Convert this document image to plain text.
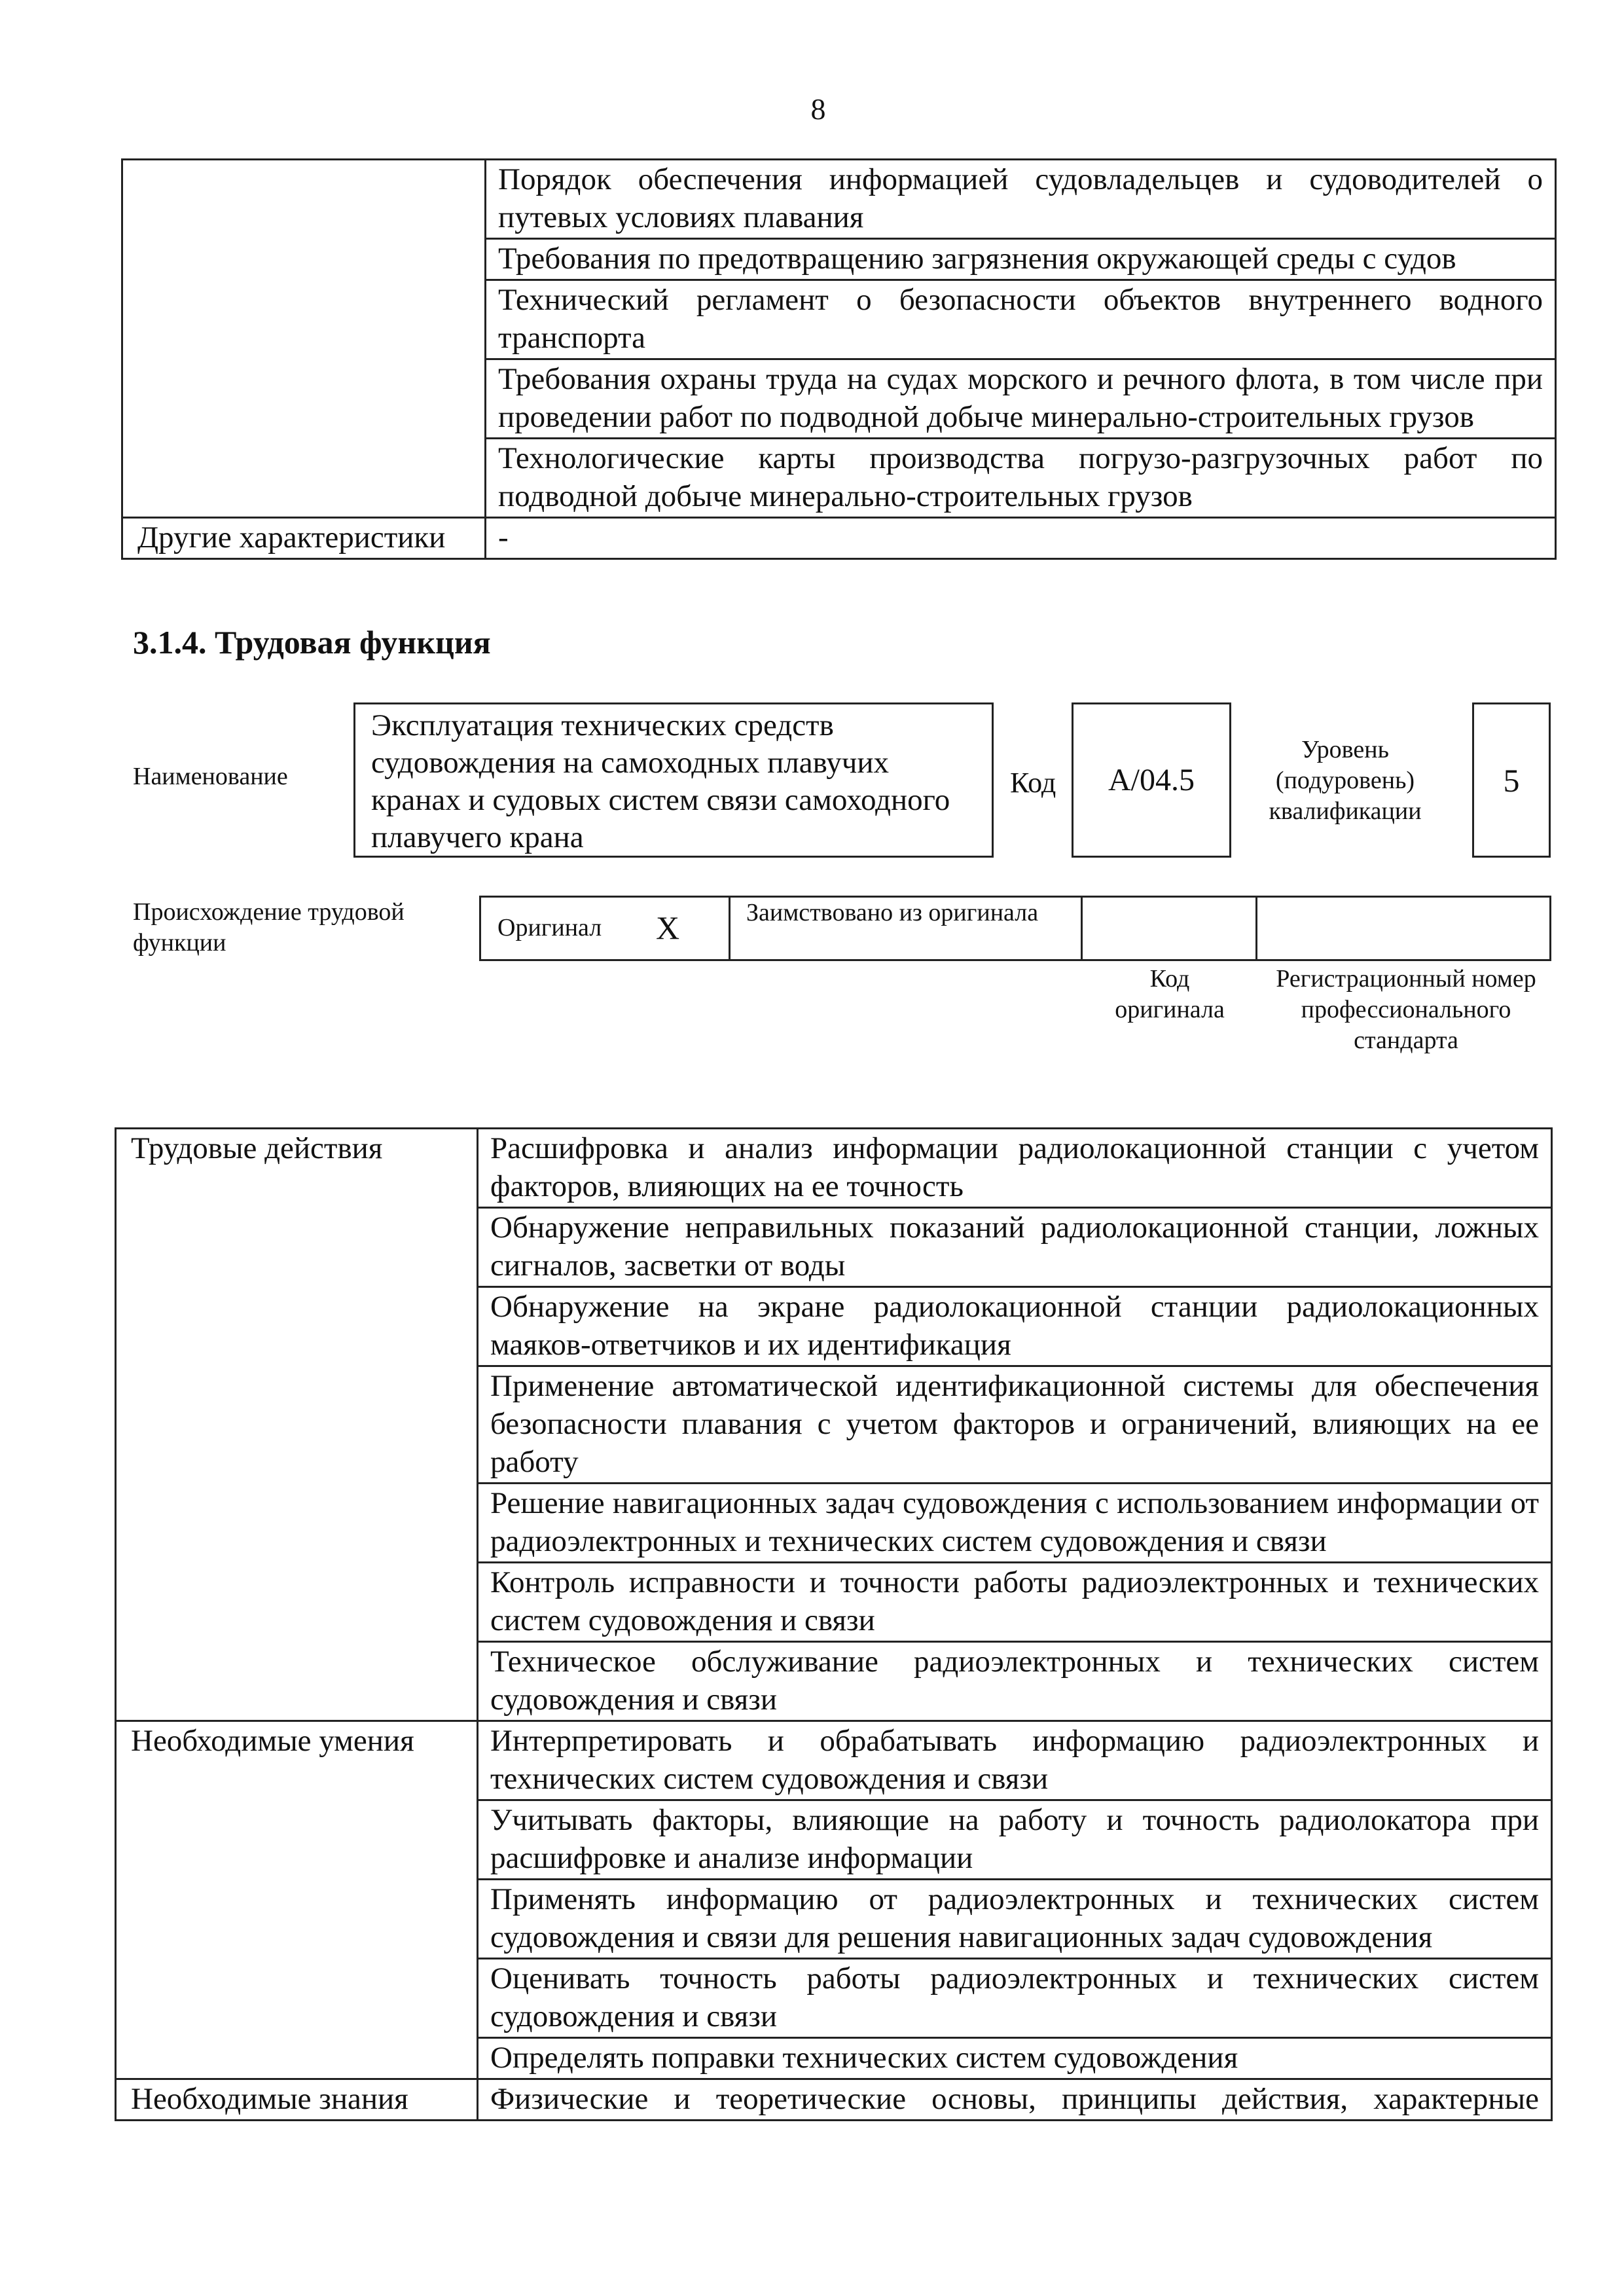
8
	Порядок обеспечения информацией судовладельцев и судоводителей о путевых условиях плавания
	Требования по предотвращению загрязнения окружающей среды с судов
	Технический регламент о безопасности объектов внутреннего водного транспорта
	Требования охраны труда на судах морского и речного флота, в том числе при проведении работ по подводной добыче минерально-строительных грузов
	Технологические карты производства погрузо-разгрузочных работ по подводной добыче минерально-строительных грузов
Другие характеристики	-
3.1.4. Трудовая функция
Наименование
Эксплуатация технических средств судовождения на самоходных плавучих кранах и судовых систем связи самоходного плавучего крана
Код A/04.5
Уровень (подуровень) квалификации
5
Происхождение трудовой функции
Оригинал X	Заимствовано из оригинала
Код оригинала
Регистрационный номер профессионального стандарта
Трудовые действия	Расшифровка и анализ информации радиолокационной станции с учетом факторов, влияющих на ее точность
	Обнаружение неправильных показаний радиолокационной станции, ложных сигналов, засветки от воды
	Обнаружение на экране радиолокационной станции радиолокационных маяков-ответчиков и их идентификация
	Применение автоматической идентификационной системы для обеспечения безопасности плавания с учетом факторов и ограничений, влияющих на ее работу
	Решение навигационных задач судовождения с использованием информации от радиоэлектронных и технических систем судовождения и связи
	Контроль исправности и точности работы радиоэлектронных и технических систем судовождения и связи
	Техническое обслуживание радиоэлектронных и технических систем судовождения и связи
Необходимые умения	Интерпретировать и обрабатывать информацию радиоэлектронных и технических систем судовождения и связи
	Учитывать факторы, влияющие на работу и точность радиолокатора при расшифровке и анализе информации
	Применять информацию от радиоэлектронных и технических систем судовождения и связи для решения навигационных задач судовождения
	Оценивать точность работы радиоэлектронных и технических систем судовождения и связи
	Определять поправки технических систем судовождения
Необходимые знания	Физические и теоретические основы, принципы действия, характерные
